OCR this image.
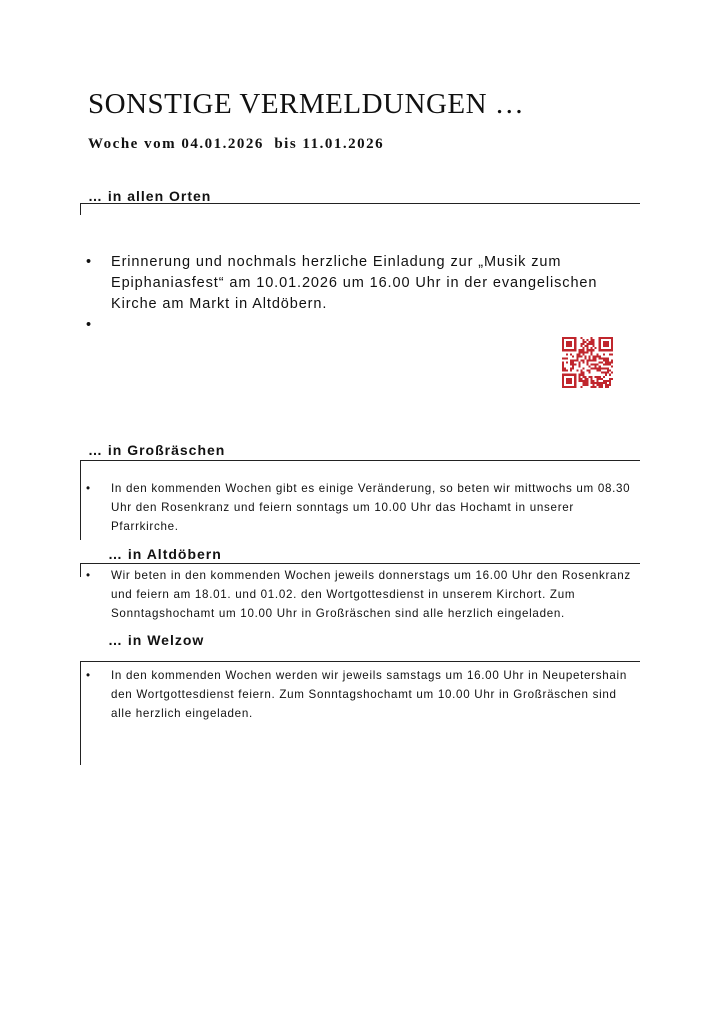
SONSTIGE VERMELDUNGEN …
Woche vom 04.01.2026  bis 11.01.2026
… in allen Orten
• Erinnerung und nochmals herzliche Einladung zur „Musik zum Epiphaniasfest“ am 10.01.2026 um 16.00 Uhr in der evangelischen Kirche am Markt in Altdöbern.
•

… in Großräschen
• In den kommenden Wochen gibt es einige Veränderung, so beten wir mittwochs um 08.30 Uhr den Rosenkranz und feiern sonntags um 10.00 Uhr das Hochamt in unserer Pfarrkirche.
… in Altdöbern
• Wir beten in den kommenden Wochen jeweils donnerstags um 16.00 Uhr den Rosenkranz und feiern am 18.01. und 01.02. den Wortgottesdienst in unserem Kirchort. Zum Sonntagshochamt um 10.00 Uhr in Großräschen sind alle herzlich eingeladen.
… in Welzow
• In den kommenden Wochen werden wir jeweils samstags um 16.00 Uhr in Neupetershain den Wortgottesdienst feiern. Zum Sonntagshochamt um 10.00 Uhr in Großräschen sind alle herzlich eingeladen.
